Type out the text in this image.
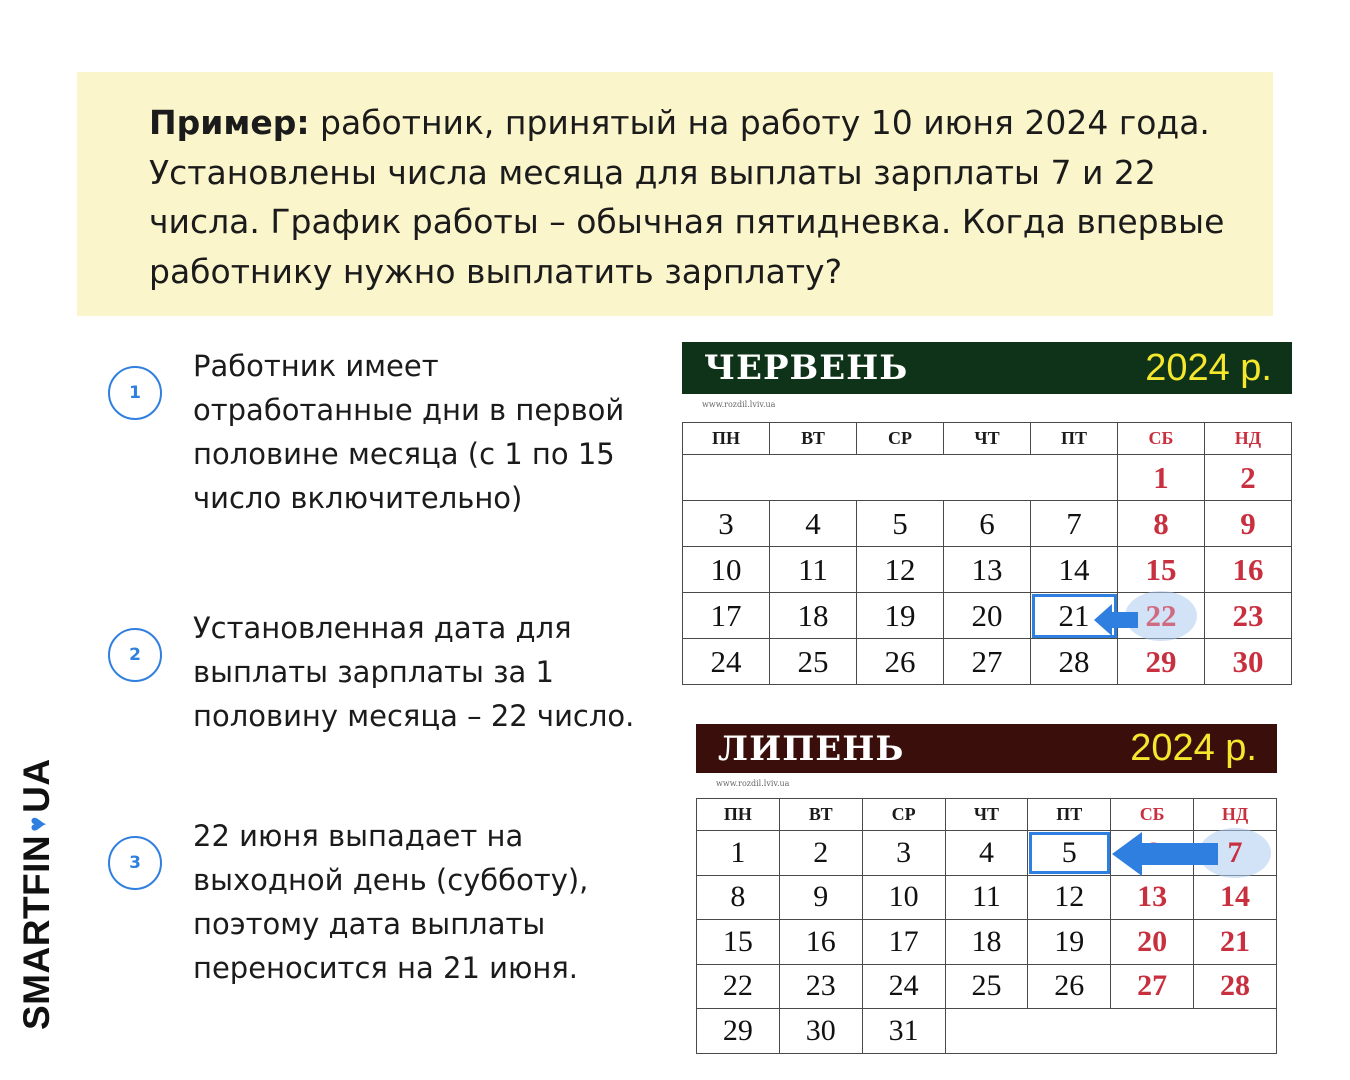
Пример: работник, принятый на работу 10 июня 2024 года. Установлены числа месяца для выплаты зарплаты 7 и 22 числа. График работы – обычная пятидневка. Когда впервые работнику нужно выплатить зарплату?
1
Работник имеет отработанные дни в первой половине месяца (с 1 по 15 число включительно)
2
Установленная дата для выплаты зарплаты за 1 половину месяца – 22 число.
3
22 июня выпадает на выходной день (субботу), поэтому дата выплаты переносится на 21 июня.
SMARTFIN
♥
UA
ЧЕРВЕНЬ	2024 р.
www.rozdil.lviv.ua
ПН	ВТ	СР	ЧТ	ПТ	СБ	НД
					1	2
3	4	5	6	7	8	9
10	11	12	13	14	15	16
17	18	19	20	21	22	23
24	25	26	27	28	29	30
ЛИПЕНЬ	2024 р.
www.rozdil.lviv.ua
ПН	ВТ	СР	ЧТ	ПТ	СБ	НД
1	2	3	4	5		7
8	9	10	11	12	13	14
15	16	17	18	19	20	21
22	23	24	25	26	27	28
29	30	31				
